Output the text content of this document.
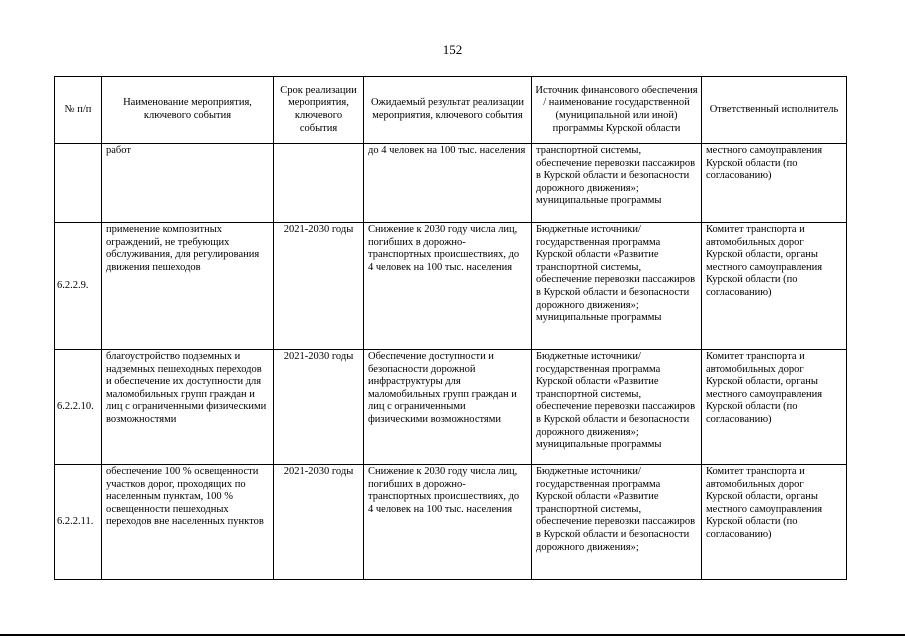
152
№ п/п	Наименование мероприятия, ключевого события	Срок реализации мероприятия, ключевого события	Ожидаемый результат реализации мероприятия, ключевого события	Источник финансового обеспечения / наименование государственной (муниципальной или иной) программы Курской области	Ответственный исполнитель

	работ		до 4 человек на 100 тыс. населения	транспортной системы, обеспечение перевозки пассажиров в Курской области и безопасности дорожного движения»; муниципальные программы	местного самоуправления Курской области (по согласованию)

6.2.2.9.	применение композитных ограждений, не требующих обслуживания, для регулирования движения пешеходов	2021-2030 годы	Снижение к 2030 году числа лиц, погибших в дорожно-транспортных происшествиях, до 4 человек на 100 тыс. населения	Бюджетные источники/ государственная программа Курской области «Развитие транспортной системы, обеспечение перевозки пассажиров в Курской области и безопасности дорожного движения»; муниципальные программы	Комитет транспорта и автомобильных дорог Курской области, органы местного самоуправления Курской области (по согласованию)

6.2.2.10.	благоустройство подземных и надземных пешеходных переходов и обеспечение их доступности для маломобильных групп граждан и лиц с ограниченными физическими возможностями	2021-2030 годы	Обеспечение доступности и безопасности дорожной инфраструктуры для маломобильных групп граждан и лиц с ограниченными физическими возможностями	Бюджетные источники/ государственная программа Курской области «Развитие транспортной системы, обеспечение перевозки пассажиров в Курской области и безопасности дорожного движения»; муниципальные программы	Комитет транспорта и автомобильных дорог Курской области, органы местного самоуправления Курской области (по согласованию)

6.2.2.11.	обеспечение 100 % освещенности участков дорог, проходящих по населенным пунктам, 100 % освещенности пешеходных переходов вне населенных пунктов	2021-2030 годы	Снижение к 2030 году числа лиц, погибших в дорожно-транспортных происшествиях, до 4 человек на 100 тыс. населения	Бюджетные источники/ государственная программа Курской области «Развитие транспортной системы, обеспечение перевозки пассажиров в Курской области и безопасности дорожного движения»;	Комитет транспорта и автомобильных дорог Курской области, органы местного самоуправления Курской области (по согласованию)
